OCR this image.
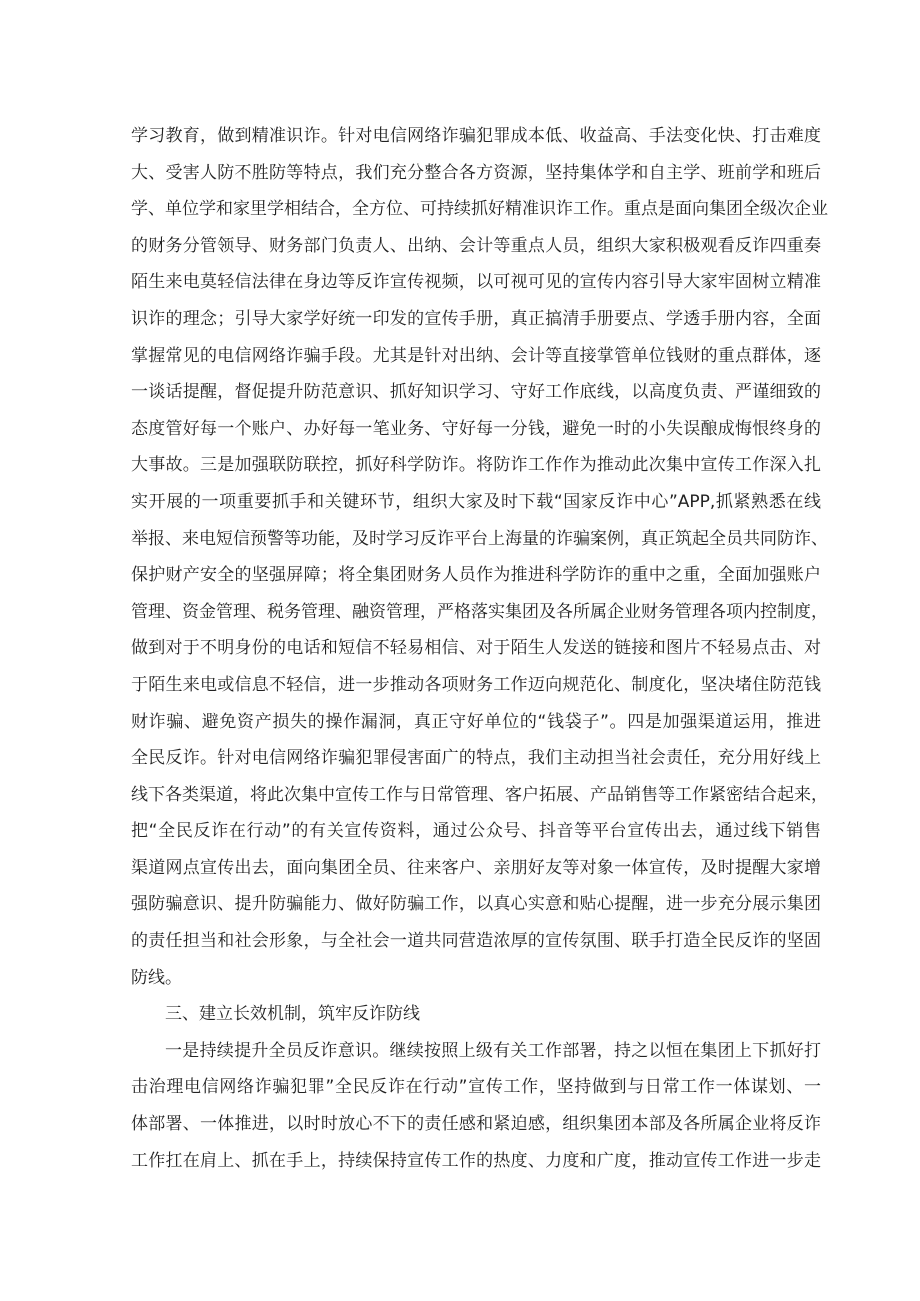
学习教育，做到精准识诈。针对电信网络诈骗犯罪成本低、收益高、手法变化快、打击难度
大、受害人防不胜防等特点，我们充分整合各方资源，坚持集体学和自主学、班前学和班后
学、单位学和家里学相结合，全方位、可持续抓好精准识诈工作。重点是面向集团全级次企业
的财务分管领导、财务部门负责人、出纳、会计等重点人员，组织大家积极观看反诈四重奏
陌生来电莫轻信法律在身边等反诈宣传视频，以可视可见的宣传内容引导大家牢固树立精准
识诈的理念；引导大家学好统一印发的宣传手册，真正搞清手册要点、学透手册内容，全面
掌握常见的电信网络诈骗手段。尤其是针对出纳、会计等直接掌管单位钱财的重点群体，逐
一谈话提醒，督促提升防范意识、抓好知识学习、守好工作底线，以高度负责、严谨细致的
态度管好每一个账户、办好每一笔业务、守好每一分钱，避免一时的小失误酿成悔恨终身的
大事故。三是加强联防联控，抓好科学防诈。将防诈工作作为推动此次集中宣传工作深入扎
实开展的一项重要抓手和关键环节，组织大家及时下载“国家反诈中心”APP,抓紧熟悉在线
举报、来电短信预警等功能，及时学习反诈平台上海量的诈骗案例，真正筑起全员共同防诈、
保护财产安全的坚强屏障；将全集团财务人员作为推进科学防诈的重中之重，全面加强账户
管理、资金管理、税务管理、融资管理，严格落实集团及各所属企业财务管理各项内控制度，
做到对于不明身份的电话和短信不轻易相信、对于陌生人发送的链接和图片不轻易点击、对
于陌生来电或信息不轻信，进一步推动各项财务工作迈向规范化、制度化，坚决堵住防范钱
财诈骗、避免资产损失的操作漏洞，真正守好单位的“钱袋子”。四是加强渠道运用，推进
全民反诈。针对电信网络诈骗犯罪侵害面广的特点，我们主动担当社会责任，充分用好线上
线下各类渠道，将此次集中宣传工作与日常管理、客户拓展、产品销售等工作紧密结合起来，
把“全民反诈在行动”的有关宣传资料，通过公众号、抖音等平台宣传出去，通过线下销售
渠道网点宣传出去，面向集团全员、往来客户、亲朋好友等对象一体宣传，及时提醒大家增
强防骗意识、提升防骗能力、做好防骗工作，以真心实意和贴心提醒，进一步充分展示集团
的责任担当和社会形象，与全社会一道共同营造浓厚的宣传氛围、联手打造全民反诈的坚固
防线。
三、建立长效机制，筑牢反诈防线
一是持续提升全员反诈意识。继续按照上级有关工作部署，持之以恒在集团上下抓好打
击治理电信网络诈骗犯罪”全民反诈在行动”宣传工作，坚持做到与日常工作一体谋划、一
体部署、一体推进，以时时放心不下的责任感和紧迫感，组织集团本部及各所属企业将反诈
工作扛在肩上、抓在手上，持续保持宣传工作的热度、力度和广度，推动宣传工作进一步走
